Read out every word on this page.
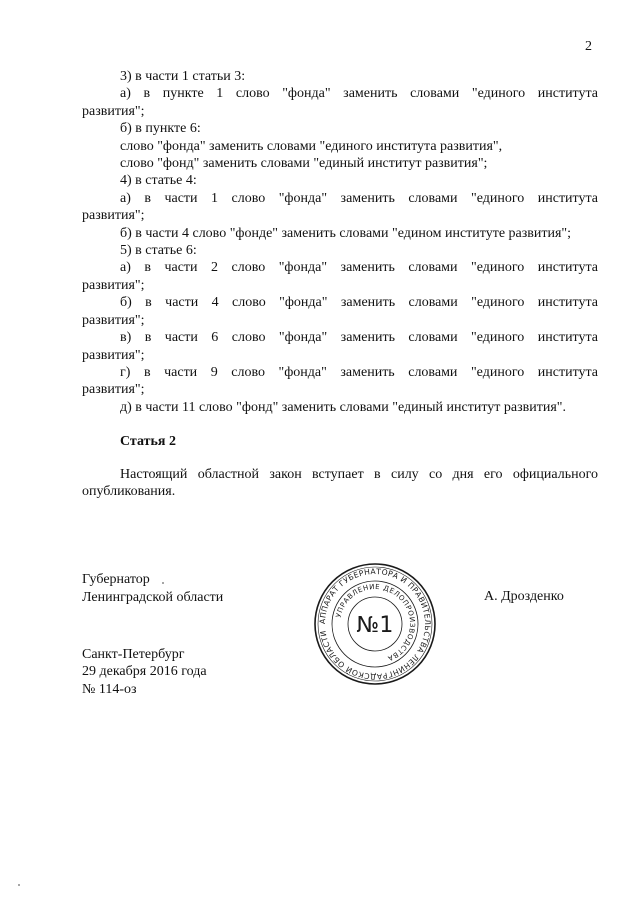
2
3) в части 1 статьи 3:
а) в пункте 1 слово "фонда" заменить словами "единого института
развития";
б) в пункте 6:
слово "фонда" заменить словами "единого института развития",
слово "фонд" заменить словами "единый институт развития";
4) в статье 4:
а) в части 1 слово "фонда" заменить словами "единого института
развития";
б) в части 4 слово "фонде" заменить словами "едином институте развития";
5) в статье 6:
а) в части 2 слово "фонда" заменить словами "единого института
развития";
б) в части 4 слово "фонда" заменить словами "единого института
развития";
в) в части 6 слово "фонда" заменить словами "единого института
развития";
г) в части 9 слово "фонда" заменить словами "единого института
развития";
д) в части 11 слово "фонд" заменить словами "единый институт развития".
Статья 2

Настоящий областной закон вступает в силу со дня его официального опубликования.

Губернатор
Ленинградской области	А. Дрозденко
АППАРАТ ГУБЕРНАТОРА И ПРАВИТЕЛЬСТВА ЛЕНИНГРАДСКОЙ ОБЛАСТИ
УПРАВЛЕНИЕ ДЕЛОПРОИЗВОДСТВА
№1
Санкт-Петербург
29 декабря 2016 года
№ 114-оз
